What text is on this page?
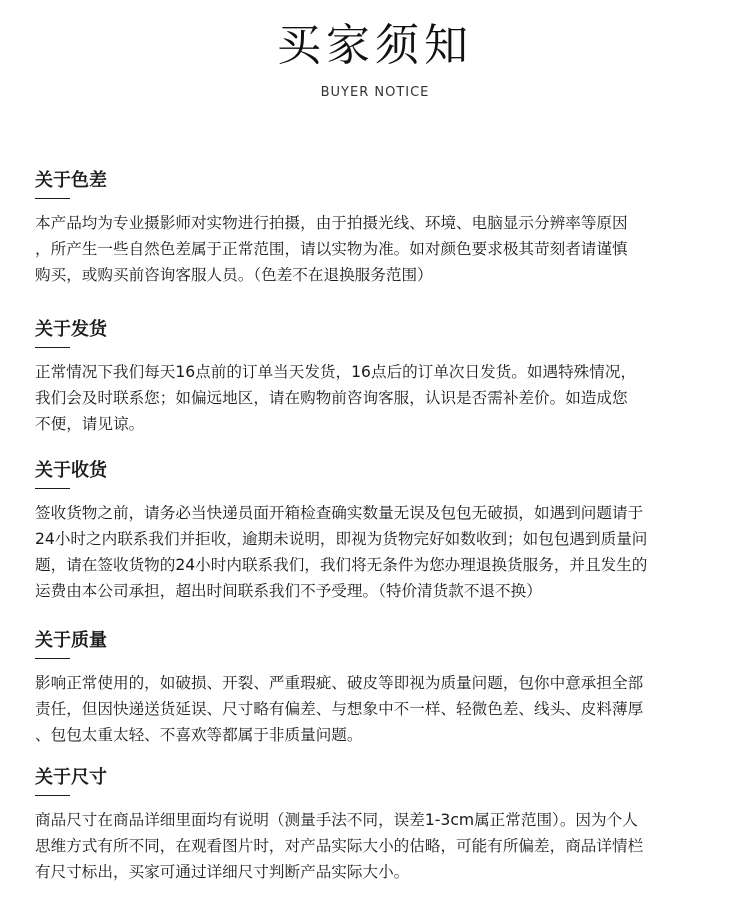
买家须知
BUYER NOTICE
关于色差
本产品均为专业摄影师对实物进行拍摄，由于拍摄光线、环境、电脑显示分辨率等原因
，所产生一些自然色差属于正常范围，请以实物为准。如对颜色要求极其苛刻者请谨慎
购买，或购买前咨询客服人员。（色差不在退换服务范围）
关于发货
正常情况下我们每天16点前的订单当天发货，16点后的订单次日发货。如遇特殊情况，
我们会及时联系您；如偏远地区，请在购物前咨询客服，认识是否需补差价。如造成您
不便，请见谅。
关于收货
签收货物之前，请务必当快递员面开箱检查确实数量无误及包包无破损，如遇到问题请于
24小时之内联系我们并拒收，逾期未说明，即视为货物完好如数收到；如包包遇到质量问
题，请在签收货物的24小时内联系我们，我们将无条件为您办理退换货服务，并且发生的
运费由本公司承担，超出时间联系我们不予受理。（特价清货款不退不换）
关于质量
影响正常使用的，如破损、开裂、严重瑕疵、破皮等即视为质量问题，包你中意承担全部
责任，但因快递送货延误、尺寸略有偏差、与想象中不一样、轻微色差、线头、皮料薄厚
、包包太重太轻、不喜欢等都属于非质量问题。
关于尺寸
商品尺寸在商品详细里面均有说明（测量手法不同，误差1-3cm属正常范围）。因为个人
思维方式有所不同，在观看图片时，对产品实际大小的估略，可能有所偏差，商品详情栏
有尺寸标出，买家可通过详细尺寸判断产品实际大小。
